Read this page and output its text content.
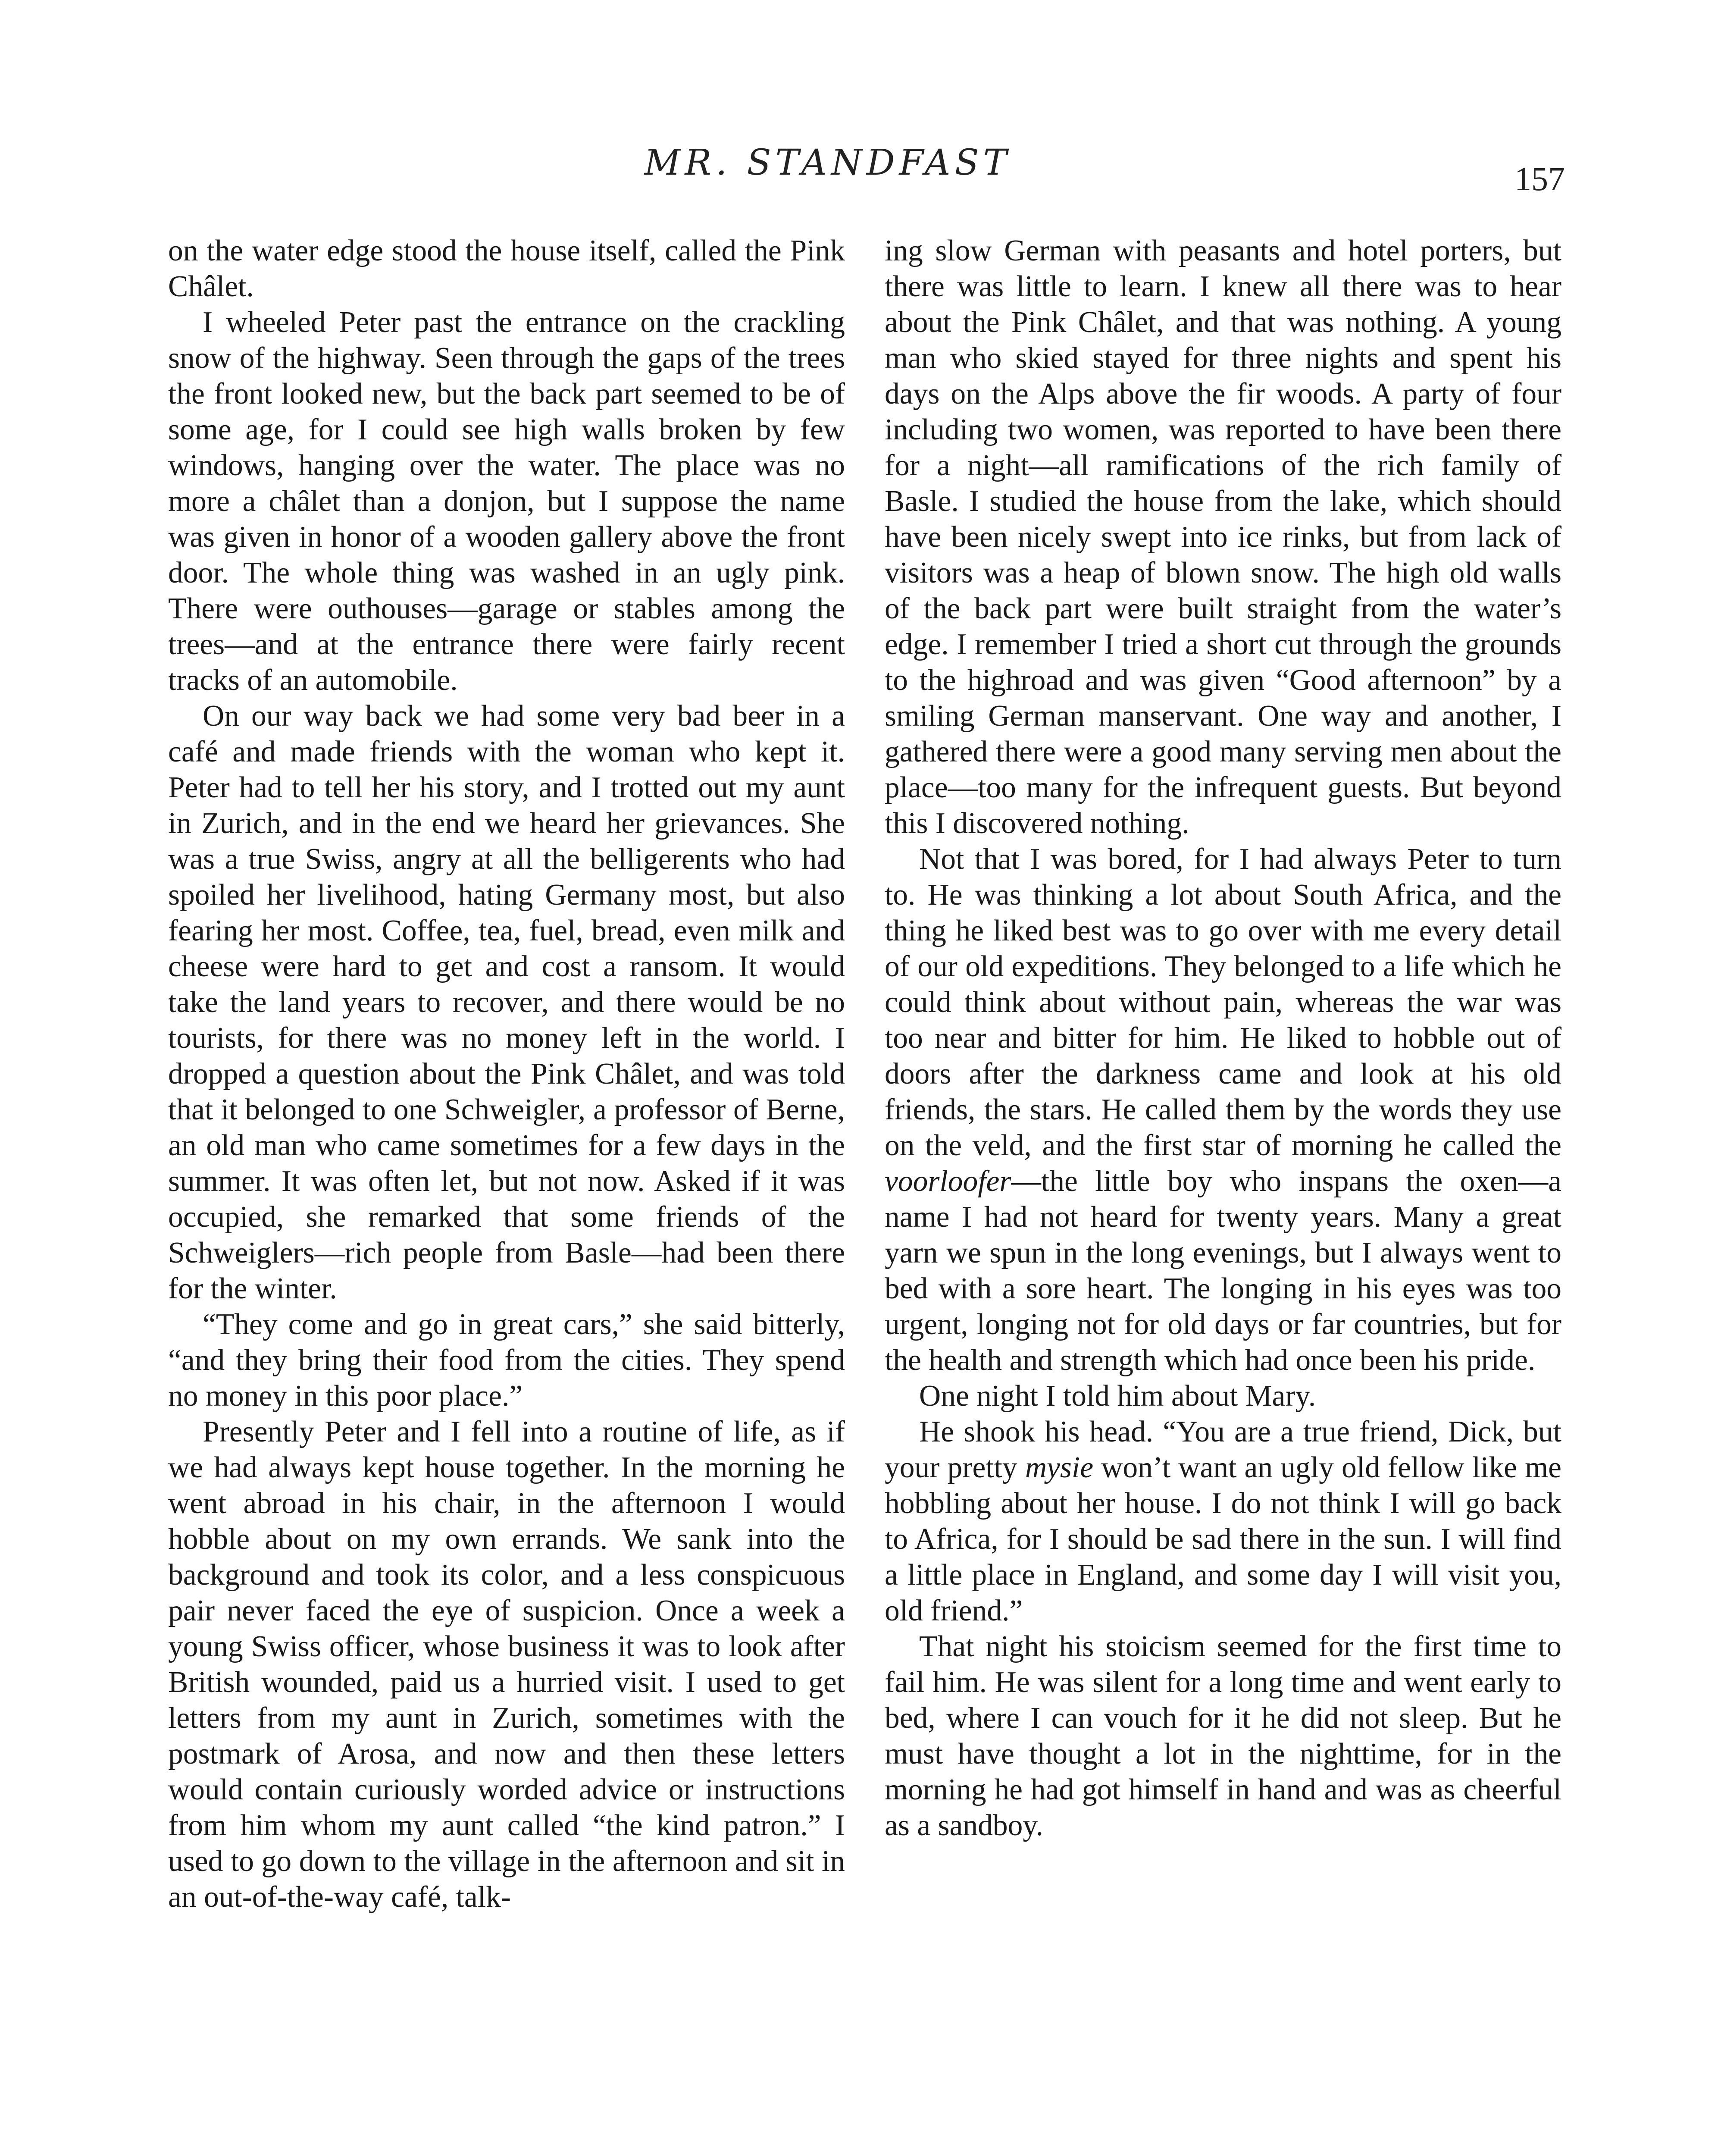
MR. STANDFAST	157

on the water edge stood the house itself, called the Pink Châlet.

I wheeled Peter past the entrance on the crackling snow of the highway. Seen through the gaps of the trees the front looked new, but the back part seemed to be of some age, for I could see high walls broken by few windows, hanging over the water. The place was no more a châlet than a donjon, but I suppose the name was given in honor of a wooden gallery above the front door. The whole thing was washed in an ugly pink. There were outhouses—garage or stables among the trees—and at the entrance there were fairly recent tracks of an automobile.

On our way back we had some very bad beer in a café and made friends with the woman who kept it. Peter had to tell her his story, and I trotted out my aunt in Zurich, and in the end we heard her grievances. She was a true Swiss, angry at all the belligerents who had spoiled her livelihood, hating Germany most, but also fearing her most. Coffee, tea, fuel, bread, even milk and cheese were hard to get and cost a ransom. It would take the land years to recover, and there would be no tourists, for there was no money left in the world. I dropped a question about the Pink Châlet, and was told that it belonged to one Schweigler, a professor of Berne, an old man who came sometimes for a few days in the summer. It was often let, but not now. Asked if it was occupied, she remarked that some friends of the Schweiglers—rich people from Basle—had been there for the winter.

“They come and go in great cars,” she said bitterly, “and they bring their food from the cities. They spend no money in this poor place.”

Presently Peter and I fell into a routine of life, as if we had always kept house together. In the morning he went abroad in his chair, in the afternoon I would hobble about on my own errands. We sank into the background and took its color, and a less conspicuous pair never faced the eye of suspicion. Once a week a young Swiss officer, whose business it was to look after British wounded, paid us a hurried visit. I used to get letters from my aunt in Zurich, sometimes with the postmark of Arosa, and now and then these letters would contain curiously worded advice or instructions from him whom my aunt called “the kind patron.” I used to go down to the village in the afternoon and sit in an out-of-the-way café, talk-

ing slow German with peasants and hotel porters, but there was little to learn. I knew all there was to hear about the Pink Châlet, and that was nothing. A young man who skied stayed for three nights and spent his days on the Alps above the fir woods. A party of four including two women, was reported to have been there for a night—all ramifications of the rich family of Basle. I studied the house from the lake, which should have been nicely swept into ice rinks, but from lack of visitors was a heap of blown snow. The high old walls of the back part were built straight from the water’s edge. I remember I tried a short cut through the grounds to the highroad and was given “Good afternoon” by a smiling German manservant. One way and another, I gathered there were a good many serving men about the place—too many for the infrequent guests. But beyond this I discovered nothing.

Not that I was bored, for I had always Peter to turn to. He was thinking a lot about South Africa, and the thing he liked best was to go over with me every detail of our old expeditions. They belonged to a life which he could think about without pain, whereas the war was too near and bitter for him. He liked to hobble out of doors after the darkness came and look at his old friends, the stars. He called them by the words they use on the veld, and the first star of morning he called the voorloofer—the little boy who inspans the oxen—a name I had not heard for twenty years. Many a great yarn we spun in the long evenings, but I always went to bed with a sore heart. The longing in his eyes was too urgent, longing not for old days or far countries, but for the health and strength which had once been his pride.

One night I told him about Mary.

He shook his head. “You are a true friend, Dick, but your pretty mysie won’t want an ugly old fellow like me hobbling about her house. I do not think I will go back to Africa, for I should be sad there in the sun. I will find a little place in England, and some day I will visit you, old friend.”

That night his stoicism seemed for the first time to fail him. He was silent for a long time and went early to bed, where I can vouch for it he did not sleep. But he must have thought a lot in the nighttime, for in the morning he had got himself in hand and was as cheerful as a sandboy.
